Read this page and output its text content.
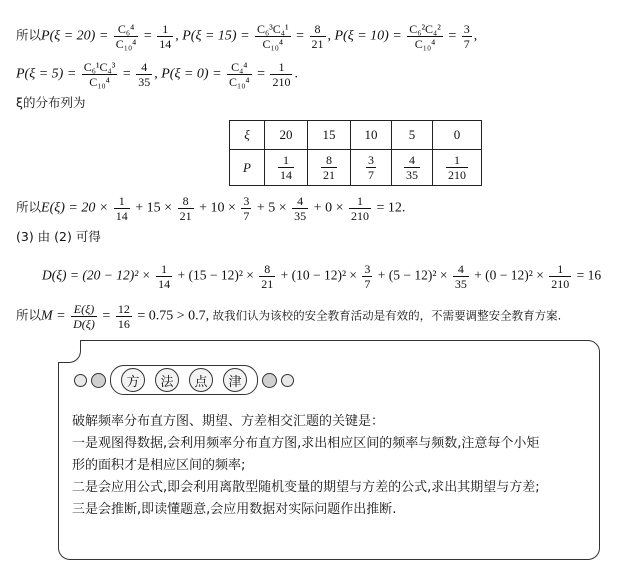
所以$P(\xi = 20) = \frac{\text{C₆⁴}}{\text{C₁₀⁴}} = \frac{1}{14}$ , $P(\xi = 15) = \frac{\text{C₆³C₄¹}}{\text{C₁₀⁴}} = \frac{8}{21}$ , $P(\xi = 10) = \frac{\text{C₆²C₄²}}{\text{C₁₀⁴}} = \frac{3}{7}$ ,
$P(\xi = 5) = \frac{\text{C₆¹C₄³}}{\text{C₁₀⁴}} = \frac{4}{35}$ , $P(\xi = 0) = \frac{\text{C₄⁴}}{\text{C₁₀⁴}} = \frac{1}{210}$ .
ξ的分布列为
ξ	20	15	10	5	0
P	$\frac{1}{14}$	$\frac{8}{21}$	$\frac{3}{7}$	$\frac{4}{35}$	$\frac{1}{210}$
所以$E(\xi) = 20 \times \frac{1}{14} + 15 \times \frac{8}{21} + 10 \times \frac{3}{7} + 5 \times \frac{4}{35} + 0 \times \frac{1}{210} = 12$.
(3) 由 (2) 可得
$D(\xi) = (20 - 12)^2 \times \frac{1}{14} + (15 - 12)^2 \times \frac{8}{21} + (10 - 12)^2 \times \frac{3}{7} + (5 - 12)^2 \times \frac{4}{35} + (0 - 12)^2 \times \frac{1}{210} = 16$
所以$M = \frac{E(\xi)}{D(\xi)} = \frac{12}{16} = 0.75 > 0.7$, 故我们认为该校的安全教育活动是有效的，不需要调整安全教育方案.
方	法	点	津
破解频率分布直方图、期望、方差相交汇题的关键是：
一是观图得数据,会利用频率分布直方图,求出相应区间的频率与频数,注意每个小矩
形的面积才是相应区间的频率;
二是会应用公式,即会利用离散型随机变量的期望与方差的公式,求出其期望与方差;
三是会推断,即读懂题意,会应用数据对实际问题作出推断.
